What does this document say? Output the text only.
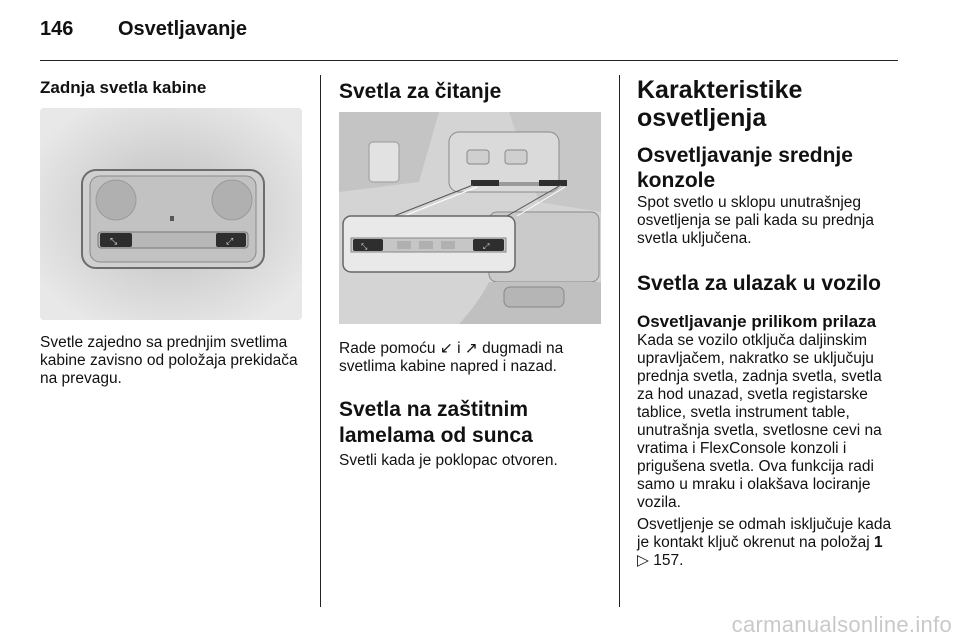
146 Osvetljavanje
Zadnja svetla kabine
⤡	⤢
Svetle zajedno sa prednjim svetlima
kabine zavisno od položaja prekidača
na prevagu.
Svetla za čitanje
⤡	⤢
Rade pomoću ↙ i ↗ dugmadi na
svetlima kabine napred i nazad.
Svetla na zaštitnim
lamelama od sunca
Svetli kada je poklopac otvoren.
Karakteristike
osvetljenja
Osvetljavanje srednje
konzole
Spot svetlo u sklopu unutrašnjeg
osvetljenja se pali kada su prednja
svetla uključena.
Svetla za ulazak u vozilo
Osvetljavanje prilikom prilaza
Kada se vozilo otključa daljinskim
upravljačem, nakratko se uključuju
prednja svetla, zadnja svetla, svetla
za hod unazad, svetla registarske
tablice, svetla instrument table,
unutrašnja svetla, svetlosne cevi na
vratima i FlexConsole konzoli i
prigušena svetla. Ova funkcija radi
samo u mraku i olakšava lociranje
vozila.
Osvetljenje se odmah isključuje kada
je kontakt ključ okrenut na položaj 1
▷ 157.
carmanualsonline.info
